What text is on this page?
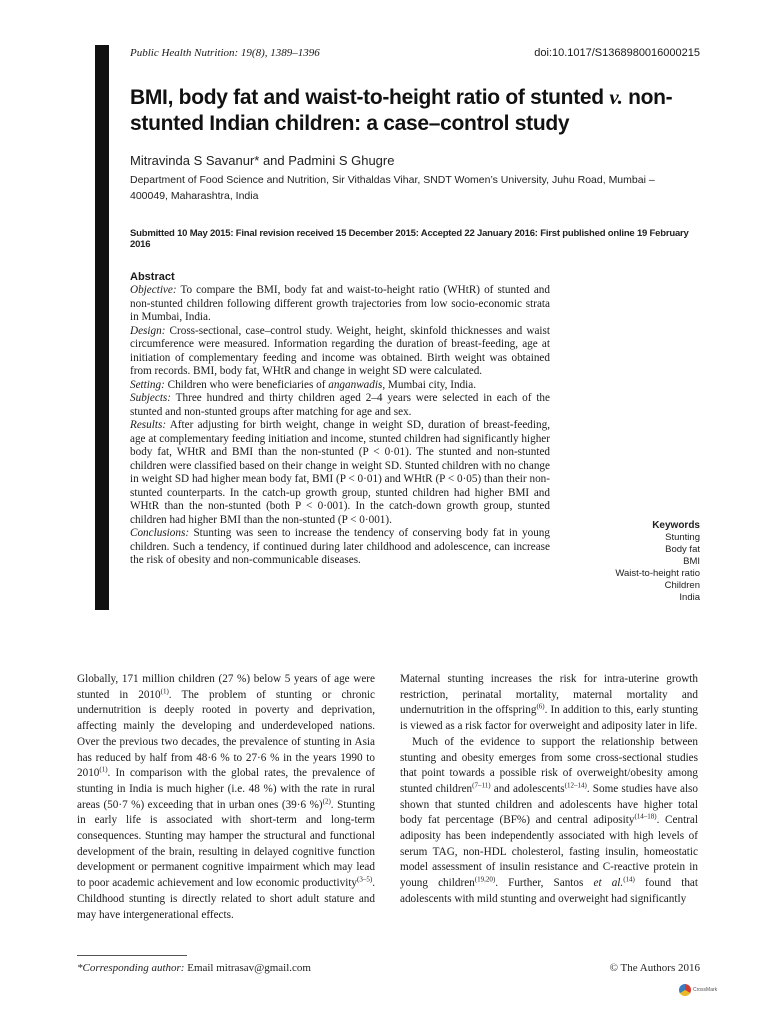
Public Health Nutrition: 19(8), 1389–1396	doi:10.1017/S1368980016000215
BMI, body fat and waist-to-height ratio of stunted v. non-stunted Indian children: a case–control study
Mitravinda S Savanur* and Padmini S Ghugre
Department of Food Science and Nutrition, Sir Vithaldas Vihar, SNDT Women’s University, Juhu Road, Mumbai – 400049, Maharashtra, India
Submitted 10 May 2015: Final revision received 15 December 2015: Accepted 22 January 2016: First published online 19 February 2016
Abstract

Objective: To compare the BMI, body fat and waist-to-height ratio (WHtR) of stunted and non-stunted children following different growth trajectories from low socio-economic strata in Mumbai, India.

Design: Cross-sectional, case–control study. Weight, height, skinfold thicknesses and waist circumference were measured. Information regarding the duration of breast-feeding, age at initiation of complementary feeding and income was obtained. Birth weight was obtained from records. BMI, body fat, WHtR and change in weight SD were calculated.

Setting: Children who were beneficiaries of anganwadis, Mumbai city, India.

Subjects: Three hundred and thirty children aged 2–4 years were selected in each of the stunted and non-stunted groups after matching for age and sex.

Results: After adjusting for birth weight, change in weight SD, duration of breast-feeding, age at complementary feeding initiation and income, stunted children had significantly higher body fat, WHtR and BMI than the non-stunted (P < 0·01). The stunted and non-stunted children were classified based on their change in weight SD. Stunted children with no change in weight SD had higher mean body fat, BMI (P < 0·01) and WHtR (P < 0·05) than their non-stunted counterparts. In the catch-up growth group, stunted children had higher BMI and WHtR than the non-stunted (both P < 0·001). In the catch-down growth group, stunted children had higher BMI than the non-stunted (P < 0·001).

Conclusions: Stunting was seen to increase the tendency of conserving body fat in young children. Such a tendency, if continued during later childhood and adolescence, can increase the risk of obesity and non-communicable diseases.

Keywords
Stunting
Body fat
BMI
Waist-to-height ratio
Children
India

Globally, 171 million children (27 %) below 5 years of age were stunted in 2010$^{(1)}$. The problem of stunting or chronic undernutrition is deeply rooted in poverty and deprivation, affecting mainly the developing and underdeveloped nations. Over the previous two decades, the prevalence of stunting in Asia has reduced by half from 48·6 % to 27·6 % in the years 1990 to 2010$^{(1)}$. In comparison with the global rates, the prevalence of stunting in India is much higher (i.e. 48 %) with the rate in rural areas (50·7 %) exceeding that in urban ones (39·6 %)$^{(2)}$. Stunting in early life is associated with short-term and long-term consequences. Stunting may hamper the structural and functional development of the brain, resulting in delayed cognitive function development or permanent cognitive impairment which may lead to poor academic achievement and low economic productivity$^{(3-5)}$. Childhood stunting is directly related to short adult stature and may have intergenerational effects.

Maternal stunting increases the risk for intra-uterine growth restriction, perinatal mortality, maternal mortality and undernutrition in the offspring$^{(6)}$. In addition to this, early stunting is viewed as a risk factor for overweight and adiposity later in life.

Much of the evidence to support the relationship between stunting and obesity emerges from some cross-sectional studies that point towards a possible risk of overweight/obesity among stunted children$^{(7-11)}$ and adolescents$^{(12-14)}$. Some studies have also shown that stunted children and adolescents have higher total body fat percentage (BF%) and central adiposity$^{(14-18)}$. Central adiposity has been independently associated with high levels of serum TAG, non-HDL cholesterol, fasting insulin, homeostatic model assessment of insulin resistance and C-reactive protein in young children$^{(19,20)}$. Further, Santos et al.$^{(14)}$ found that adolescents with mild stunting and overweight had significantly

*Corresponding author: Email mitrasav@gmail.com	© The Authors 2016
CrossMark
